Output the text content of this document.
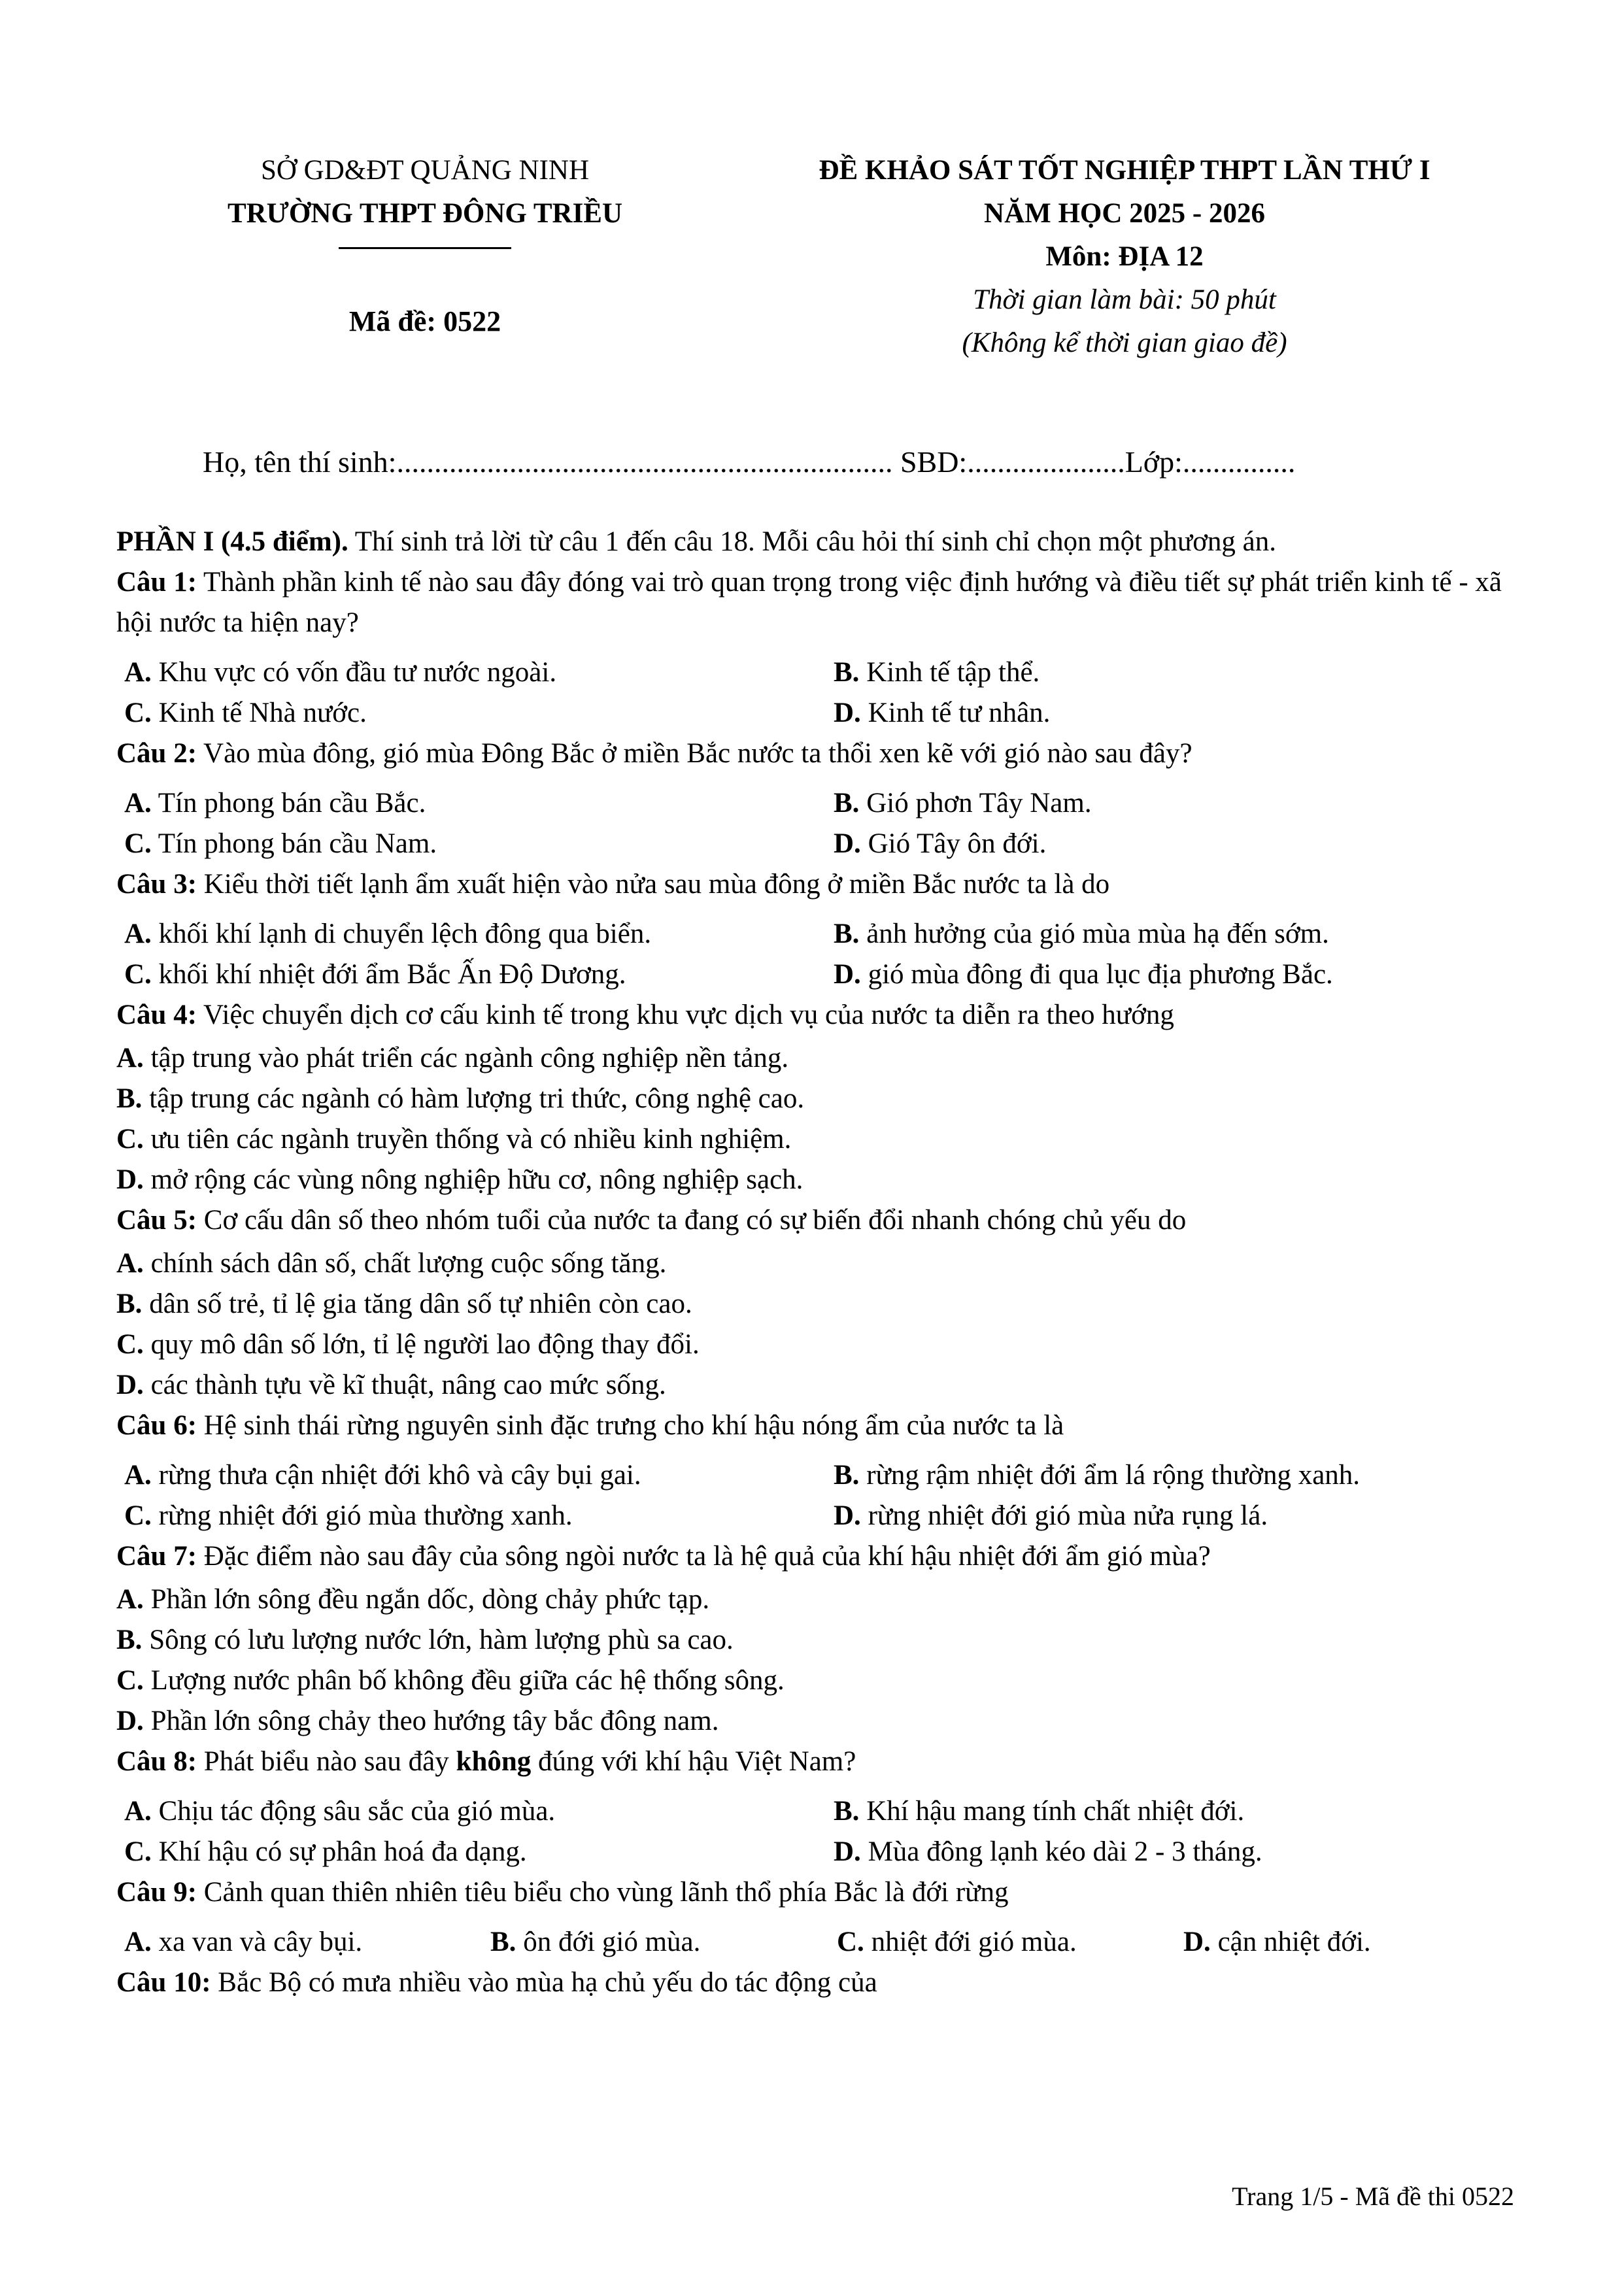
SỞ GD&ĐT QUẢNG NINH
TRƯỜNG THPT ĐÔNG TRIỀU
Mã đề: 0522
ĐỀ KHẢO SÁT TỐT NGHIỆP THPT LẦN THỨ I
NĂM HỌC 2025 - 2026
Môn: ĐỊA 12
Thời gian làm bài: 50 phút
(Không kể thời gian giao đề)
Họ, tên thí sinh:.................................................................. SBD:.....................Lớp:...............

PHẦN I (4.5 điểm). Thí sinh trả lời từ câu 1 đến câu 18. Mỗi câu hỏi thí sinh chỉ chọn một phương án.

Câu 1: Thành phần kinh tế nào sau đây đóng vai trò quan trọng trong việc định hướng và điều tiết sự phát triển kinh tế - xã hội nước ta hiện nay?

A. Khu vực có vốn đầu tư nước ngoài.	B. Kinh tế tập thể.
C. Kinh tế Nhà nước.	D. Kinh tế tư nhân.

Câu 2: Vào mùa đông, gió mùa Đông Bắc ở miền Bắc nước ta thổi xen kẽ với gió nào sau đây?

A. Tín phong bán cầu Bắc.	B. Gió phơn Tây Nam.
C. Tín phong bán cầu Nam.	D. Gió Tây ôn đới.

Câu 3: Kiểu thời tiết lạnh ẩm xuất hiện vào nửa sau mùa đông ở miền Bắc nước ta là do

A. khối khí lạnh di chuyển lệch đông qua biển.	B. ảnh hưởng của gió mùa mùa hạ đến sớm.
C. khối khí nhiệt đới ẩm Bắc Ấn Độ Dương.	D. gió mùa đông đi qua lục địa phương Bắc.

Câu 4: Việc chuyển dịch cơ cấu kinh tế trong khu vực dịch vụ của nước ta diễn ra theo hướng

A. tập trung vào phát triển các ngành công nghiệp nền tảng.
B. tập trung các ngành có hàm lượng tri thức, công nghệ cao.
C. ưu tiên các ngành truyền thống và có nhiều kinh nghiệm.
D. mở rộng các vùng nông nghiệp hữu cơ, nông nghiệp sạch.

Câu 5: Cơ cấu dân số theo nhóm tuổi của nước ta đang có sự biến đổi nhanh chóng chủ yếu do

A. chính sách dân số, chất lượng cuộc sống tăng.
B. dân số trẻ, tỉ lệ gia tăng dân số tự nhiên còn cao.
C. quy mô dân số lớn, tỉ lệ người lao động thay đổi.
D. các thành tựu về kĩ thuật, nâng cao mức sống.

Câu 6: Hệ sinh thái rừng nguyên sinh đặc trưng cho khí hậu nóng ẩm của nước ta là

A. rừng thưa cận nhiệt đới khô và cây bụi gai.	B. rừng rậm nhiệt đới ẩm lá rộng thường xanh.
C. rừng nhiệt đới gió mùa thường xanh.	D. rừng nhiệt đới gió mùa nửa rụng lá.

Câu 7: Đặc điểm nào sau đây của sông ngòi nước ta là hệ quả của khí hậu nhiệt đới ẩm gió mùa?

A. Phần lớn sông đều ngắn dốc, dòng chảy phức tạp.
B. Sông có lưu lượng nước lớn, hàm lượng phù sa cao.
C. Lượng nước phân bố không đều giữa các hệ thống sông.
D. Phần lớn sông chảy theo hướng tây bắc đông nam.

Câu 8: Phát biểu nào sau đây không đúng với khí hậu Việt Nam?

A. Chịu tác động sâu sắc của gió mùa.	B. Khí hậu mang tính chất nhiệt đới.
C. Khí hậu có sự phân hoá đa dạng.	D. Mùa đông lạnh kéo dài 2 - 3 tháng.

Câu 9: Cảnh quan thiên nhiên tiêu biểu cho vùng lãnh thổ phía Bắc là đới rừng

A. xa van và cây bụi.	B. ôn đới gió mùa.	C. nhiệt đới gió mùa.	D. cận nhiệt đới.

Câu 10: Bắc Bộ có mưa nhiều vào mùa hạ chủ yếu do tác động của

Trang 1/5 - Mã đề thi 0522
